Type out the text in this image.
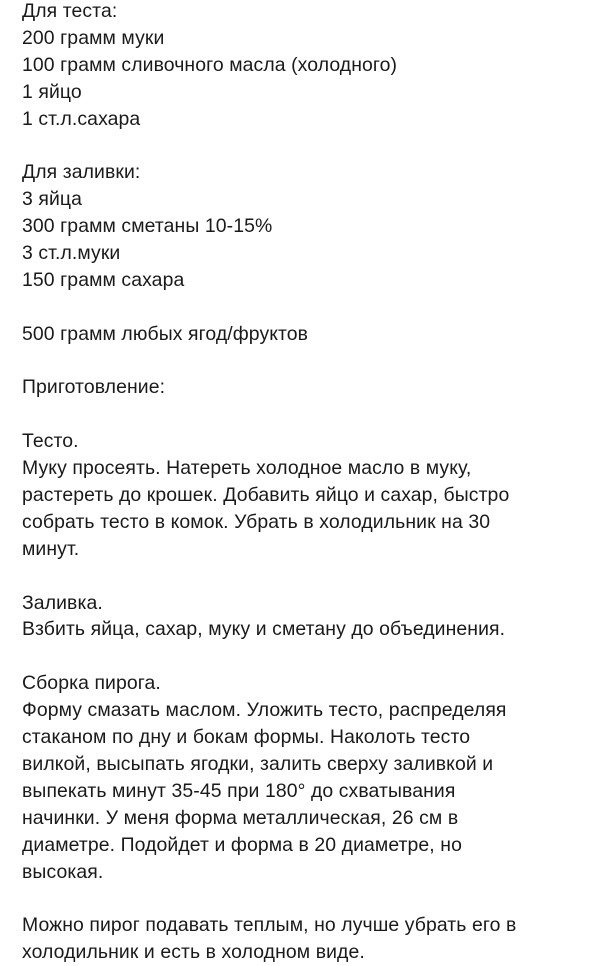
Для теста:
200 грамм муки
100 грамм сливочного масла (холодного)
1 яйцо
1 ст.л.сахара
Для заливки:
3 яйца
300 грамм сметаны 10-15%
3 ст.л.муки
150 грамм сахара
500 грамм любых ягод/фруктов
Приготовление:
Тесто.
Муку просеять. Натереть холодное масло в муку,
растереть до крошек. Добавить яйцо и сахар, быстро
собрать тесто в комок. Убрать в холодильник на 30
минут.
Заливка.
Взбить яйца, сахар, муку и сметану до объединения.
Сборка пирога.
Форму смазать маслом. Уложить тесто, распределяя
стаканом по дну и бокам формы. Наколоть тесто
вилкой, высыпать ягодки, залить сверху заливкой и
выпекать минут 35-45 при 180° до схватывания
начинки. У меня форма металлическая, 26 см в
диаметре. Подойдет и форма в 20 диаметре, но
высокая.
Можно пирог подавать теплым, но лучше убрать его в
холодильник и есть в холодном виде.
